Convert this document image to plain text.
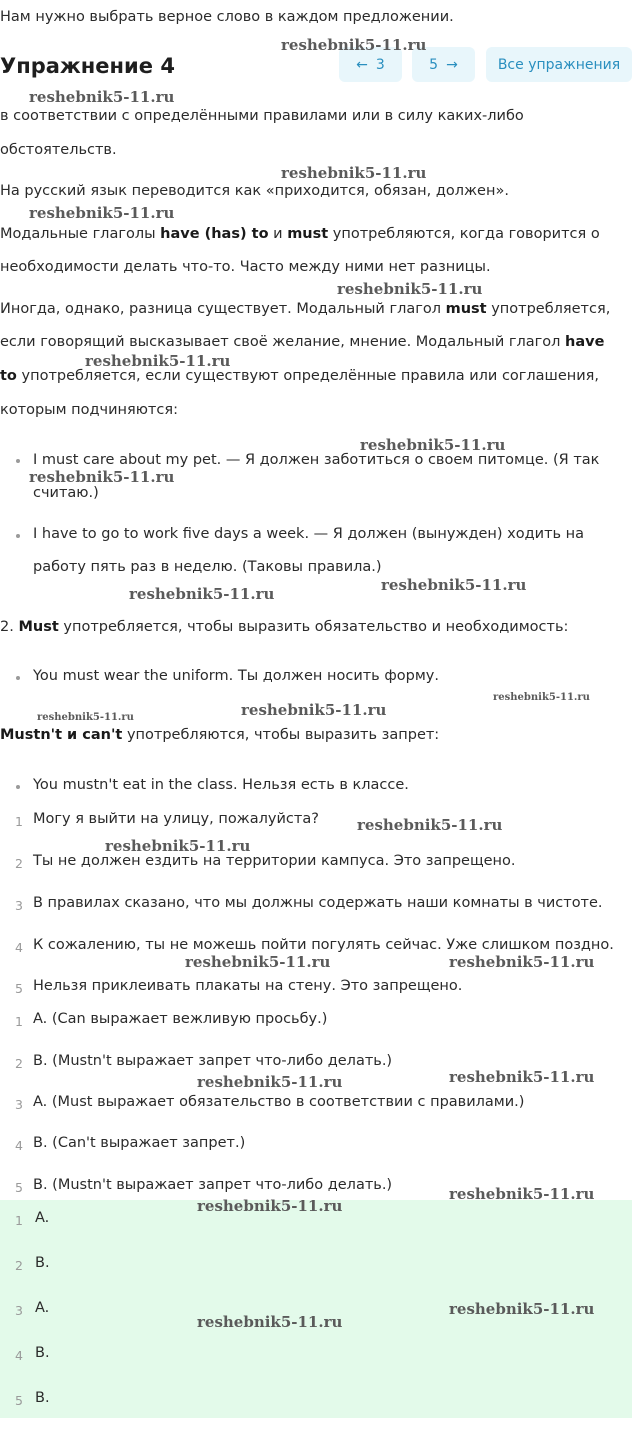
Нам нужно выбрать верное слово в каждом предложении.
Упражнение 4	← 3	5 →	Все упражнения
в соответствии с определёнными правилами или в силу каких-либо
обстоятельств.
На русский язык переводится как «приходится, обязан, должен».
Модальные глаголы have (has) to и must употребляются, когда говорится о
необходимости делать что-то. Часто между ними нет разницы.
Иногда, однако, разница существует. Модальный глагол must употребляется,
если говорящий высказывает своё желание, мнение. Модальный глагол have
to употребляется, если существуют определённые правила или соглашения,
которым подчиняются:
I must care about my pet. — Я должен заботиться о своем питомце. (Я так
считаю.)
I have to go to work five days a week. — Я должен (вынужден) ходить на
работу пять раз в неделю. (Таковы правила.)
2. Must употребляется, чтобы выразить обязательство и необходимость:
You must wear the uniform. Ты должен носить форму.
Mustn't и can't употребляются, чтобы выразить запрет:
You mustn't eat in the class. Нельзя есть в классе.
1 Могу я выйти на улицу, пожалуйста?
2 Ты не должен ездить на территории кампуса. Это запрещено.
3 В правилах сказано, что мы должны содержать наши комнаты в чистоте.
4 К сожалению, ты не можешь пойти погулять сейчас. Уже слишком поздно.
5 Нельзя приклеивать плакаты на стену. Это запрещено.
1 A. (Can выражает вежливую просьбу.)
2 B. (Mustn't выражает запрет что-либо делать.)
3 A. (Must выражает обязательство в соответствии с правилами.)
4 B. (Can't выражает запрет.)
5 B. (Mustn't выражает запрет что-либо делать.)
1 A.
2 B.
3 A.
4 B.
5 B.
reshebnik5-11.ru
reshebnik5-11.ru
reshebnik5-11.ru
reshebnik5-11.ru
reshebnik5-11.ru
reshebnik5-11.ru
reshebnik5-11.ru
reshebnik5-11.ru
reshebnik5-11.ru
reshebnik5-11.ru
reshebnik5-11.ru
reshebnik5-11.ru
reshebnik5-11.ru
reshebnik5-11.ru
reshebnik5-11.ru
reshebnik5-11.ru	reshebnik5-11.ru
reshebnik5-11.ru	reshebnik5-11.ru
reshebnik5-11.ru
reshebnik5-11.ru
reshebnik5-11.ru
reshebnik5-11.ru
